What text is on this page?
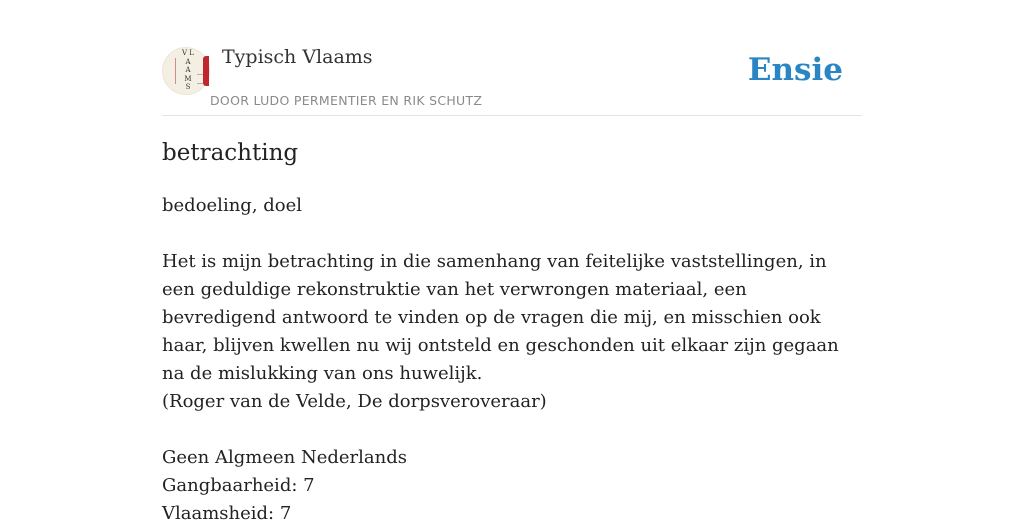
V L A A M S
Typisch Vlaams
DOOR LUDO PERMENTIER EN RIK SCHUTZ
Ensie
betrachting

bedoeling, doel

Het is mijn betrachting in die samenhang van feitelijke vaststellingen, in een geduldige rekonstruktie van het verwrongen materiaal, een bevredigend antwoord te vinden op de vragen die mij, en misschien ook haar, blijven kwellen nu wij ontsteld en geschonden uit elkaar zijn gegaan na de mislukking van ons huwelijk.

(Roger van de Velde, De dorpsveroveraar)

Geen Algmeen Nederlands

Gangbaarheid: 7

Vlaamsheid: 7
